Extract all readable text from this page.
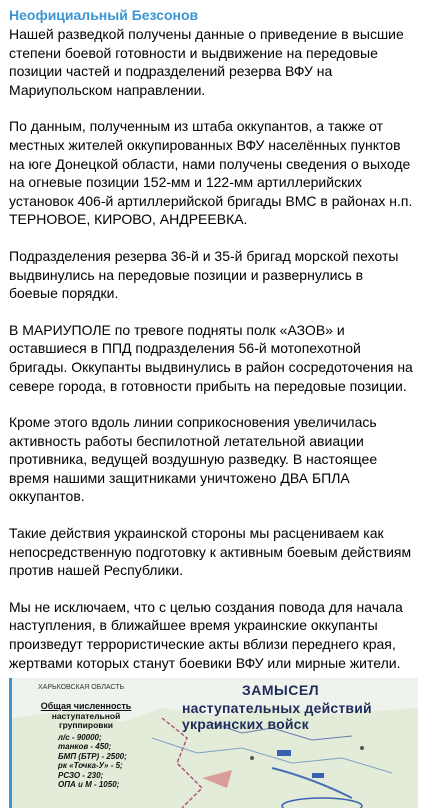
Неофициальный Безсонов
Нашей разведкой получены данные о приведение в высшие степени боевой готовности и выдвижение на передовые позиции частей и подразделений резерва ВФУ на Мариупольском направлении.
По данным, полученным из штаба оккупантов, а также от местных жителей оккупированных ВФУ населённых пунктов на юге Донецкой области, нами получены сведения о выходе на огневые позиции 152-мм и 122-мм артиллерийских установок 406-й артиллерийской бригады ВМС в районах н.п. ТЕРНОВОЕ, КИРОВО, АНДРЕЕВКА.
Подразделения резерва 36-й и 35-й бригад морской пехоты выдвинулись на передовые позиции и развернулись в боевые порядки.
В МАРИУПОЛЕ по тревоге подняты полк «АЗОВ» и оставшиеся в ППД подразделения 56-й мотопехотной бригады. Оккупанты выдвинулись в район сосредоточения на севере города, в готовности прибыть на передовые позиции.
Кроме этого вдоль линии соприкосновения увеличилась активность работы беспилотной летательной авиации противника, ведущей воздушную разведку. В настоящее время нашими защитниками уничтожено ДВА БПЛА оккупантов.
Такие действия украинской стороны мы расцениваем как непосредственную подготовку к активным боевым действиям против нашей Республики.
Мы не исключаем, что с целью создания повода для начала наступления, в ближайшее время украинские оккупанты произведут террористические акты вблизи переднего края, жертвами которых станут боевики ВФУ или мирные жители.
ХАРЬКОВСКАЯ ОБЛАСТЬ	ЗАМЫСЕЛ
наступательных действий украинских войск
Общая численность
наступательной группировки
л/с - 90000;
танков - 450;
БМП (БТР) - 2500;
рк «Точка-У» - 5;
РСЗО - 230;
ОПА и М - 1050;
